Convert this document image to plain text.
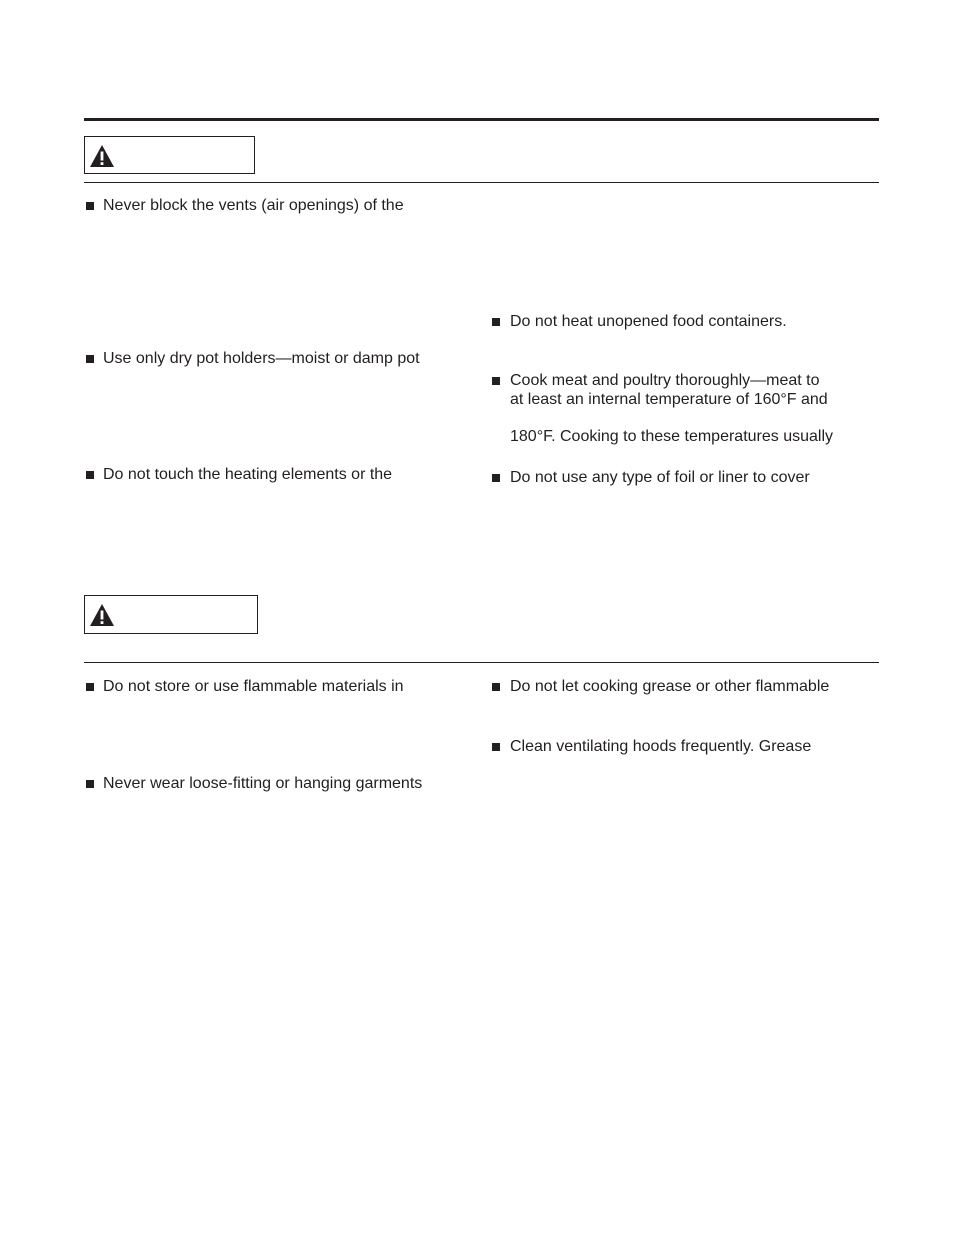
Never block the vents (air openings) of the
Use only dry pot holders—moist or damp pot
Do not touch the heating elements or the
Do not heat unopened food containers.
Cook meat and poultry thoroughly—meat to
at least an internal temperature of 160°F and
180°F. Cooking to these temperatures usually
Do not use any type of foil or liner to cover
Do not store or use flammable materials in
Never wear loose-fitting or hanging garments
Do not let cooking grease or other flammable
Clean ventilating hoods frequently. Grease
